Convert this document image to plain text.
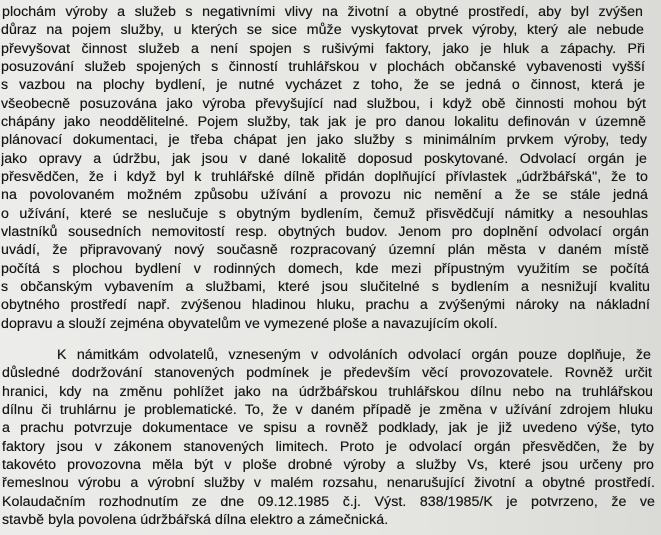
plochám výroby a služeb s negativními vlivy na životní a obytné prostředí, aby byl zvýšen
důraz na pojem služby, u kterých se sice může vyskytovat prvek výroby, který ale nebude
převyšovat činnost služeb a není spojen s rušivými faktory, jako je hluk a zápachy. Při
posuzování služeb spojených s činností truhlářskou v plochách občanské vybavenosti vyšší
s vazbou na plochy bydlení, je nutné vycházet z toho, že se jedná o činnost, která je
všeobecně posuzována jako výroba převyšující nad službou, i když obě činnosti mohou být
chápány jako neoddělitelné. Pojem služby, tak jak je pro danou lokalitu definován v územně
plánovací dokumentaci, je třeba chápat jen jako služby s minimálním prvkem výroby, tedy
jako opravy a údržbu, jak jsou v dané lokalitě doposud poskytované. Odvolací orgán je
přesvědčen, že i když byl k truhlářské dílně přidán doplňující přívlastek „údržbářská", že to
na povolovaném možném způsobu užívání a provozu nic nemění a že se stále jedná
o užívání, které se neslučuje s obytným bydlením, čemuž přisvědčují námitky a nesouhlas
vlastníků sousedních nemovitostí resp. obytných budov. Jenom pro doplnění odvolací orgán
uvádí, že připravovaný nový současně rozpracovaný územní plán města v daném místě
počítá s plochou bydlení v rodinných domech, kde mezi přípustným využitím se počítá
s občanským vybavením a službami, které jsou slučitelné s bydlením a nesnižují kvalitu
obytného prostředí např. zvýšenou hladinou hluku, prachu a zvýšenými nároky na nákladní
dopravu a slouží zejména obyvatelům ve vymezené ploše a navazujícím okolí.
K námitkám odvolatelů, vzneseným v odvoláních odvolací orgán pouze doplňuje, že
důsledné dodržování stanovených podmínek je především věcí provozovatele. Rovněž určit
hranici, kdy na změnu pohlížet jako na údržbářskou truhlářskou dílnu nebo na truhlářskou
dílnu či truhlárnu je problematické. To, že v daném případě je změna v užívání zdrojem hluku
a prachu potvrzuje dokumentace ve spisu a rovněž podklady, jak je již uvedeno výše, tyto
faktory jsou v zákonem stanovených limitech. Proto je odvolací orgán přesvědčen, že by
takovéto provozovna měla být v ploše drobné výroby a služby Vs, které jsou určeny pro
řemeslnou výrobu a výrobní služby v malém rozsahu, nenarušující životní a obytné prostředí.
Kolaudačním rozhodnutím ze dne 09.12.1985 č.j. Výst. 838/1985/K je potvrzeno, že ve
stavbě byla povolena údržbářská dílna elektro a zámečnická.
